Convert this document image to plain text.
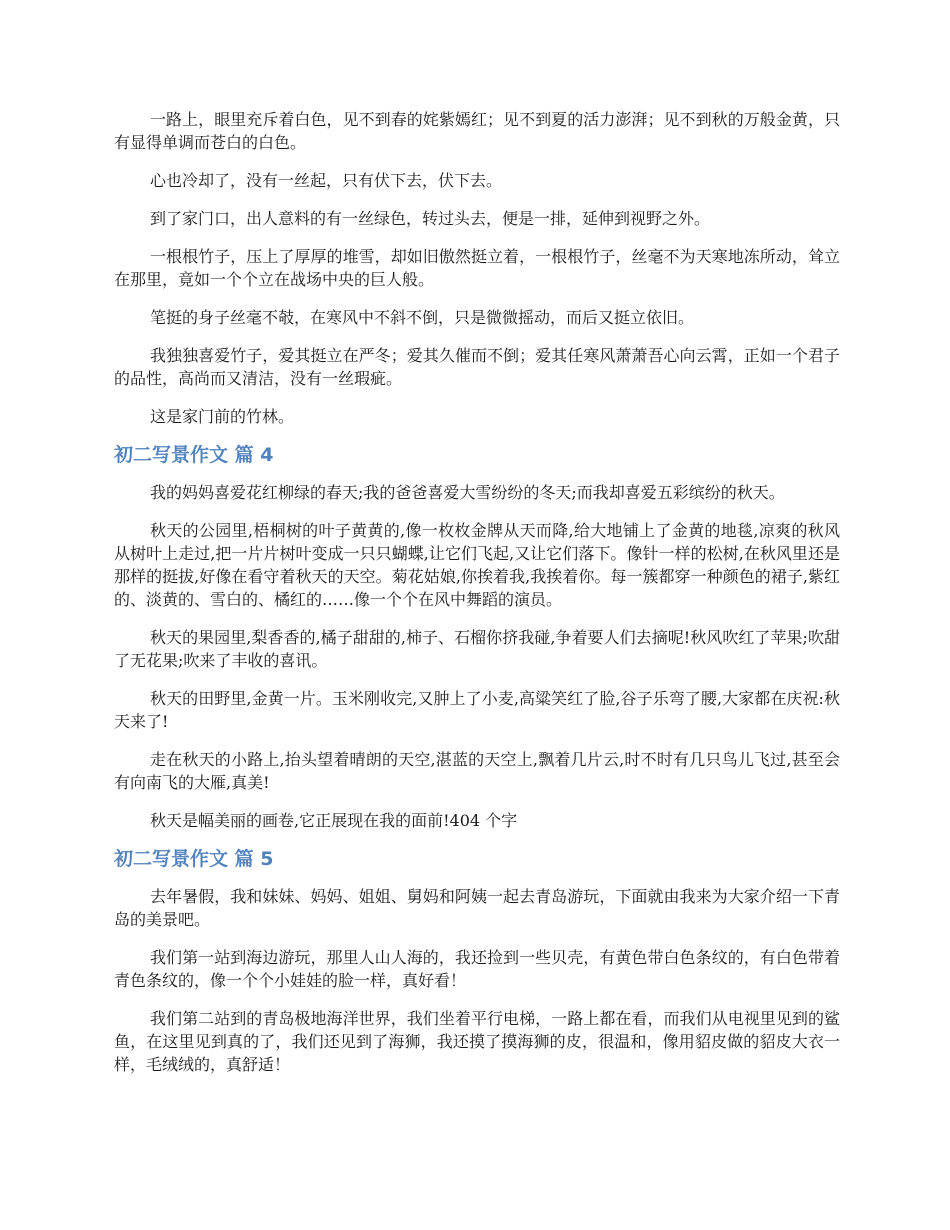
一路上，眼里充斥着白色，见不到春的姹紫嫣红；见不到夏的活力澎湃；见不到秋的万般金黄，只有显得单调而苍白的白色。

心也冷却了，没有一丝起，只有伏下去，伏下去。

到了家门口，出人意料的有一丝绿色，转过头去，便是一排，延伸到视野之外。

一根根竹子，压上了厚厚的堆雪，却如旧傲然挺立着，一根根竹子，丝毫不为天寒地冻所动，耸立在那里，竟如一个个立在战场中央的巨人般。

笔挺的身子丝毫不攲，在寒风中不斜不倒，只是微微摇动，而后又挺立依旧。

我独独喜爱竹子，爱其挺立在严冬；爱其久催而不倒；爱其任寒风萧萧吾心向云霄，正如一个君子的品性，高尚而又清洁，没有一丝瑕疵。

这是家门前的竹林。

初二写景作文 篇 4

我的妈妈喜爱花红柳绿的春天;我的爸爸喜爱大雪纷纷的冬天;而我却喜爱五彩缤纷的秋天。

秋天的公园里,梧桐树的叶子黄黄的,像一枚枚金牌从天而降,给大地铺上了金黄的地毯,凉爽的秋风从树叶上走过,把一片片树叶变成一只只蝴蝶,让它们飞起,又让它们落下。像针一样的松树,在秋风里还是那样的挺拔,好像在看守着秋天的天空。菊花姑娘,你挨着我,我挨着你。每一簇都穿一种颜色的裙子,紫红的、淡黄的、雪白的、橘红的……像一个个在风中舞蹈的演员。

秋天的果园里,梨香香的,橘子甜甜的,柿子、石榴你挤我碰,争着要人们去摘呢!秋风吹红了苹果;吹甜了无花果;吹来了丰收的喜讯。

秋天的田野里,金黄一片。玉米刚收完,又肿上了小麦,高粱笑红了脸,谷子乐弯了腰,大家都在庆祝:秋天来了!

走在秋天的小路上,抬头望着晴朗的天空,湛蓝的天空上,飘着几片云,时不时有几只鸟儿飞过,甚至会有向南飞的大雁,真美!

秋天是幅美丽的画卷,它正展现在我的面前!404 个字

初二写景作文 篇 5

去年暑假，我和妹妹、妈妈、姐姐、舅妈和阿姨一起去青岛游玩，下面就由我来为大家介绍一下青岛的美景吧。

我们第一站到海边游玩，那里人山人海的，我还捡到一些贝壳，有黄色带白色条纹的，有白色带着青色条纹的，像一个个小娃娃的脸一样，真好看！

我们第二站到的青岛极地海洋世界，我们坐着平行电梯，一路上都在看，而我们从电视里见到的鲨鱼，在这里见到真的了，我们还见到了海狮，我还摸了摸海狮的皮，很温和，像用貂皮做的貂皮大衣一样，毛绒绒的，真舒适！
